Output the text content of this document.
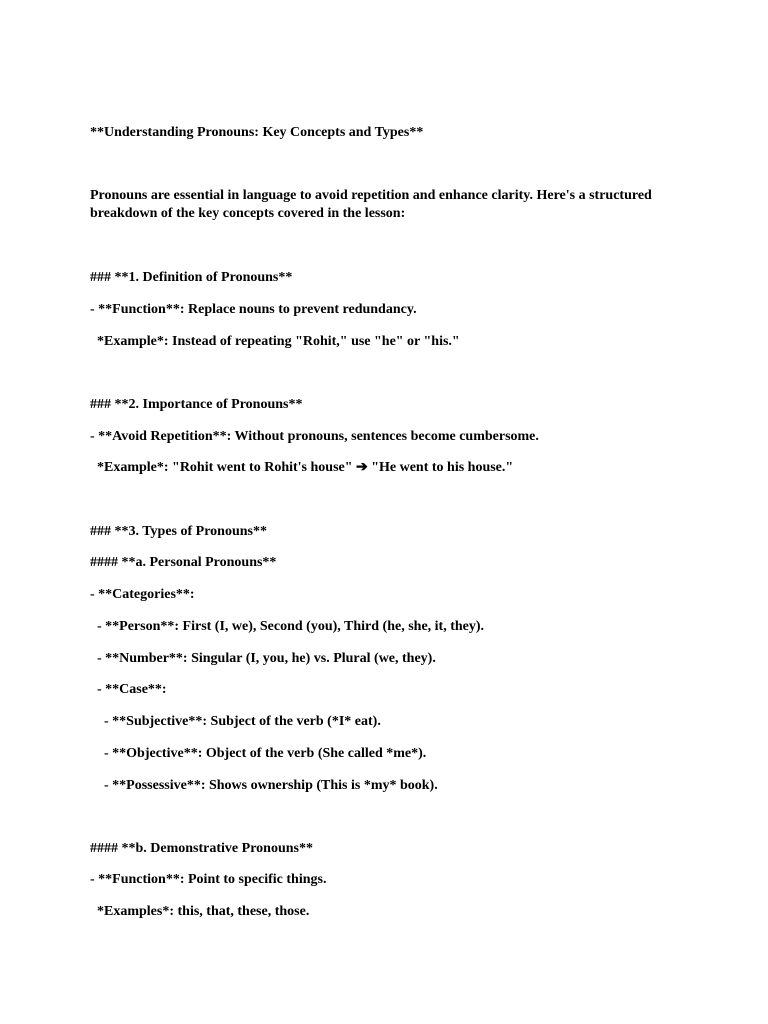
**Understanding Pronouns: Key Concepts and Types**

Pronouns are essential in language to avoid repetition and enhance clarity. Here's a structured breakdown of the key concepts covered in the lesson:

### **1. Definition of Pronouns**

- **Function**: Replace nouns to prevent redundancy.

*Example*: Instead of repeating "Rohit," use "he" or "his."

### **2. Importance of Pronouns**

- **Avoid Repetition**: Without pronouns, sentences become cumbersome.

*Example*: "Rohit went to Rohit's house" ➔ "He went to his house."

### **3. Types of Pronouns**

#### **a. Personal Pronouns**

- **Categories**:

- **Person**: First (I, we), Second (you), Third (he, she, it, they).

- **Number**: Singular (I, you, he) vs. Plural (we, they).

- **Case**:

- **Subjective**: Subject of the verb (*I* eat).

- **Objective**: Object of the verb (She called *me*).

- **Possessive**: Shows ownership (This is *my* book).

#### **b. Demonstrative Pronouns**

- **Function**: Point to specific things.

*Examples*: this, that, these, those.
